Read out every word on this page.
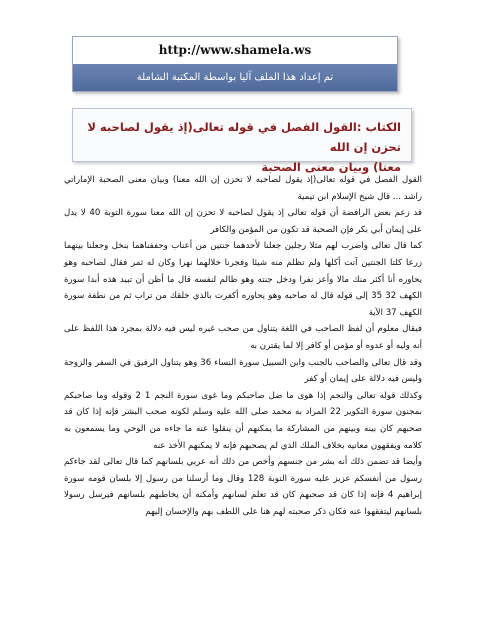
http://www.shamela.ws
تم إعداد هذا الملف آليا بواسطة المكتبة الشاملة
الكتاب :القول الفصل في قوله تعالى(إذ يقول لصاحبه لا تحزن إن الله
معنا) وبيان معنى الصحبة

القول الفصل في قوله تعالى(إذ يقول لصاحبه لا تحزن إن الله معنا) وبيان معنى الصحبة الإماراتي راشد ... قال شيخ الإسلام ابن تيمية

قد زعم بعض الرافضة أن قوله تعالى إذ يقول لصاحبه لا تحزن إن الله معنا سورة التوبة 40 لا يدل على إيمان أبي بكر فإن الصحبة قد تكون من المؤمن والكافر

كما قال تعالى واضرب لهم مثلا رجلين جعلنا لأحدهما جنتين من أعناب وحففناهما بنخل وجعلنا بينهما زرعا كلتا الجنتين آتت أكلها ولم تظلم منه شيئا وفجرنا خلالهما نهرا وكان له ثمر فقال لصاحبه وهو يحاوره أنا أكثر منك مالا وأعز نفرا ودخل جنته وهو ظالم لنفسه قال ما أظن أن تبيد هذه أبدا سورة الكهف 32 35 إلى قوله قال له صاحبه وهو يحاوره أكفرت بالذي خلقك من تراب ثم من نطفة سورة الكهف 37 الآية

فيقال معلوم أن لفظ الصاحب في اللغة يتناول من صحب غيره ليس فيه دلالة بمجرد هذا اللفظ على أنه وليه أو عدوه أو مؤمن أو كافر إلا لما يقترن به

وقد قال تعالى والصاحب بالجنب وابن السبيل سورة النساء 36 وهو يتناول الرفيق في السفر والزوجة وليس فيه دلالة على إيمان أو كفر

وكذلك قوله تعالى والنجم إذا هوى ما ضل صاحبكم وما غوى سورة النجم 1 2 وقوله وما صاحبكم بمجنون سورة التكوير 22 المراد به محمد صلى الله عليه وسلم لكونه صحب البشر فإنه إذا كان قد صحبهم كان بينه وبينهم من المشاركة ما يمكنهم أن ينقلوا عنه ما جاءه من الوحي وما يسمعون به كلامه ويفقهون معانيه بخلاف الملك الذي لم يصحبهم فإنه لا يمكنهم الأخذ عنه

وأيضا قد تضمن ذلك أنه بشر من جنسهم وأخص من ذلك أنه عربي بلسانهم كما قال تعالى لقد جاءكم رسول من أنفسكم عزيز عليه سورة التوبة 128 وقال وما أرسلنا من رسول إلا بلسان قومه سورة إبراهيم 4 فإنه إذا كان قد صحبهم كان قد تعلم لسانهم وأمكنه أن يخاطبهم بلسانهم فيرسل رسولا بلسانهم ليتفقهوا عنه فكان ذكر صحبته لهم هنا على اللطف بهم والإحسان إليهم
